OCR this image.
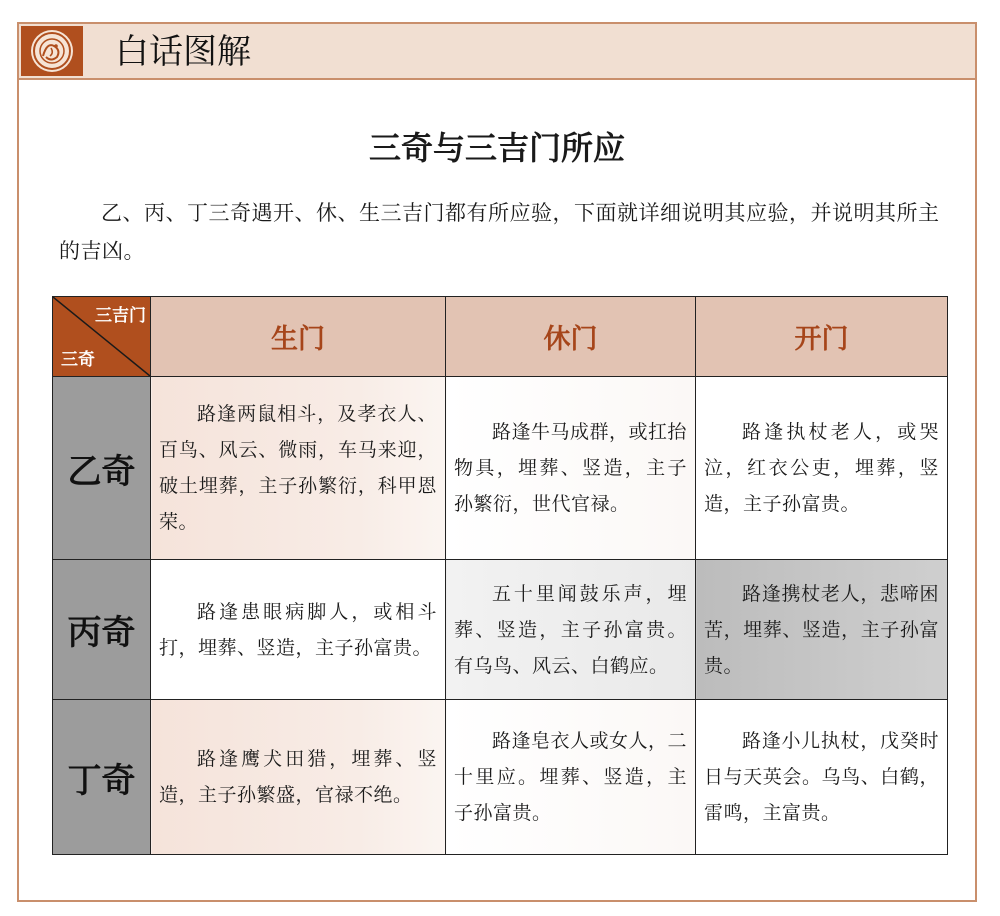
白话图解
三奇与三吉门所应
乙、丙、丁三奇遇开、休、生三吉门都有所应验，下面就详细说明其应验，并说明其所主的吉凶。
三吉门
三奇	生门	休门	开门
乙奇	路逢两鼠相斗，及孝衣人、百鸟、风云、微雨，车马来迎，破土埋葬，主子孙繁衍，科甲恩荣。	路逢牛马成群，或扛抬物具，埋葬、竖造，主子孙繁衍，世代官禄。	路逢执杖老人，或哭泣，红衣公吏，埋葬，竖造，主子孙富贵。
丙奇	路逢患眼病脚人，或相斗打，埋葬、竖造，主子孙富贵。	五十里闻鼓乐声，埋葬、竖造，主子孙富贵。有乌鸟、风云、白鹤应。	路逢携杖老人，悲啼困苦，埋葬、竖造，主子孙富贵。
丁奇	路逢鹰犬田猎，埋葬、竖造，主子孙繁盛，官禄不绝。	路逢皂衣人或女人，二十里应。埋葬、竖造，主子孙富贵。	路逢小儿执杖，戊癸时日与天英会。乌鸟、白鹤，雷鸣，主富贵。
